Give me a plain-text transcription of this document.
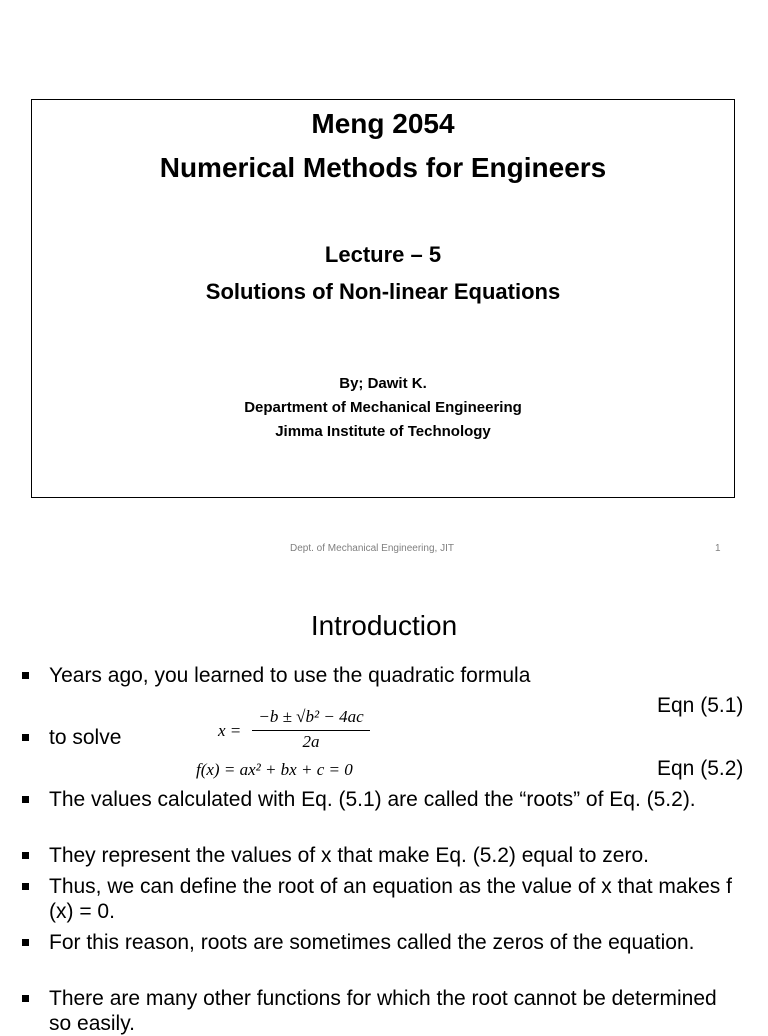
Meng 2054
Numerical Methods for Engineers
Lecture – 5
Solutions of Non-linear Equations
By; Dawit K.
Department of Mechanical Engineering
Jimma Institute of Technology
Dept. of Mechanical Engineering, JIT	1
Introduction
Years ago, you learned to use the quadratic formula
Eqn (5.1)
to solve	x =
−b ± √b² − 4ac
2a
f(x) = ax² + bx + c = 0	Eqn (5.2)
The values calculated with Eq. (5.1) are called the “roots” of Eq. (5.2).
They represent the values of x that make Eq. (5.2) equal to zero.
Thus, we can define the root of an equation as the value of x that makes f (x) = 0.
For this reason, roots are sometimes called the zeros of the equation.
There are many other functions for which the root cannot be determined so easily.
